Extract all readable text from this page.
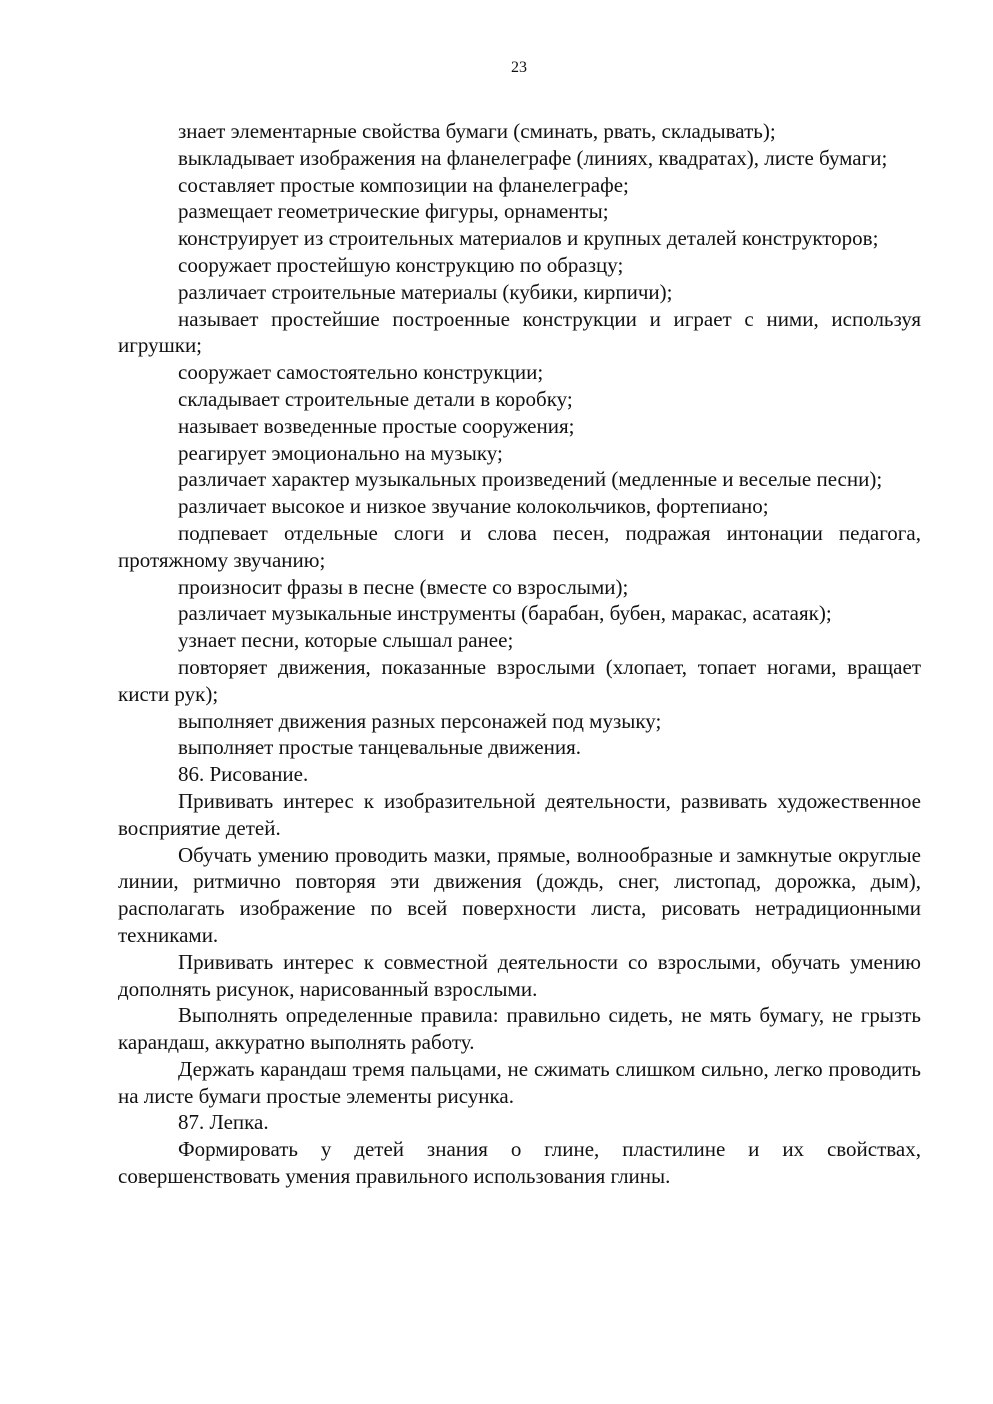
23

знает элементарные свойства бумаги (сминать, рвать, складывать);

выкладывает изображения на фланелеграфе (линиях, квадратах), листе бумаги;

составляет простые композиции на фланелеграфе;

размещает геометрические фигуры, орнаменты;

конструирует из строительных материалов и крупных деталей конструкторов;

сооружает простейшую конструкцию по образцу;

различает строительные материалы (кубики, кирпичи);

называет простейшие построенные конструкции и играет с ними, используя игрушки;

сооружает самостоятельно конструкции;

складывает строительные детали в коробку;

называет возведенные простые сооружения;

реагирует эмоционально на музыку;

различает характер музыкальных произведений (медленные и веселые песни);

различает высокое и низкое звучание колокольчиков, фортепиано;

подпевает отдельные слоги и слова песен, подражая интонации педагога, протяжному звучанию;

произносит фразы в песне (вместе со взрослыми);

различает музыкальные инструменты (барабан, бубен, маракас, асатаяк);

узнает песни, которые слышал ранее;

повторяет движения, показанные взрослыми (хлопает, топает ногами, вращает кисти рук);

выполняет движения разных персонажей под музыку;

выполняет простые танцевальные движения.

86. Рисование.

Прививать интерес к изобразительной деятельности, развивать художественное восприятие детей.

Обучать умению проводить мазки, прямые, волнообразные и замкнутые округлые линии, ритмично повторяя эти движения (дождь, снег, листопад, дорожка, дым), располагать изображение по всей поверхности листа, рисовать нетрадиционными техниками.

Прививать интерес к совместной деятельности со взрослыми, обучать умению дополнять рисунок, нарисованный взрослыми.

Выполнять определенные правила: правильно сидеть, не мять бумагу, не грызть карандаш, аккуратно выполнять работу.

Держать карандаш тремя пальцами, не сжимать слишком сильно, легко проводить на листе бумаги простые элементы рисунка.

87. Лепка.

Формировать у детей знания о глине, пластилине и их свойствах, совершенствовать умения правильного использования глины.
